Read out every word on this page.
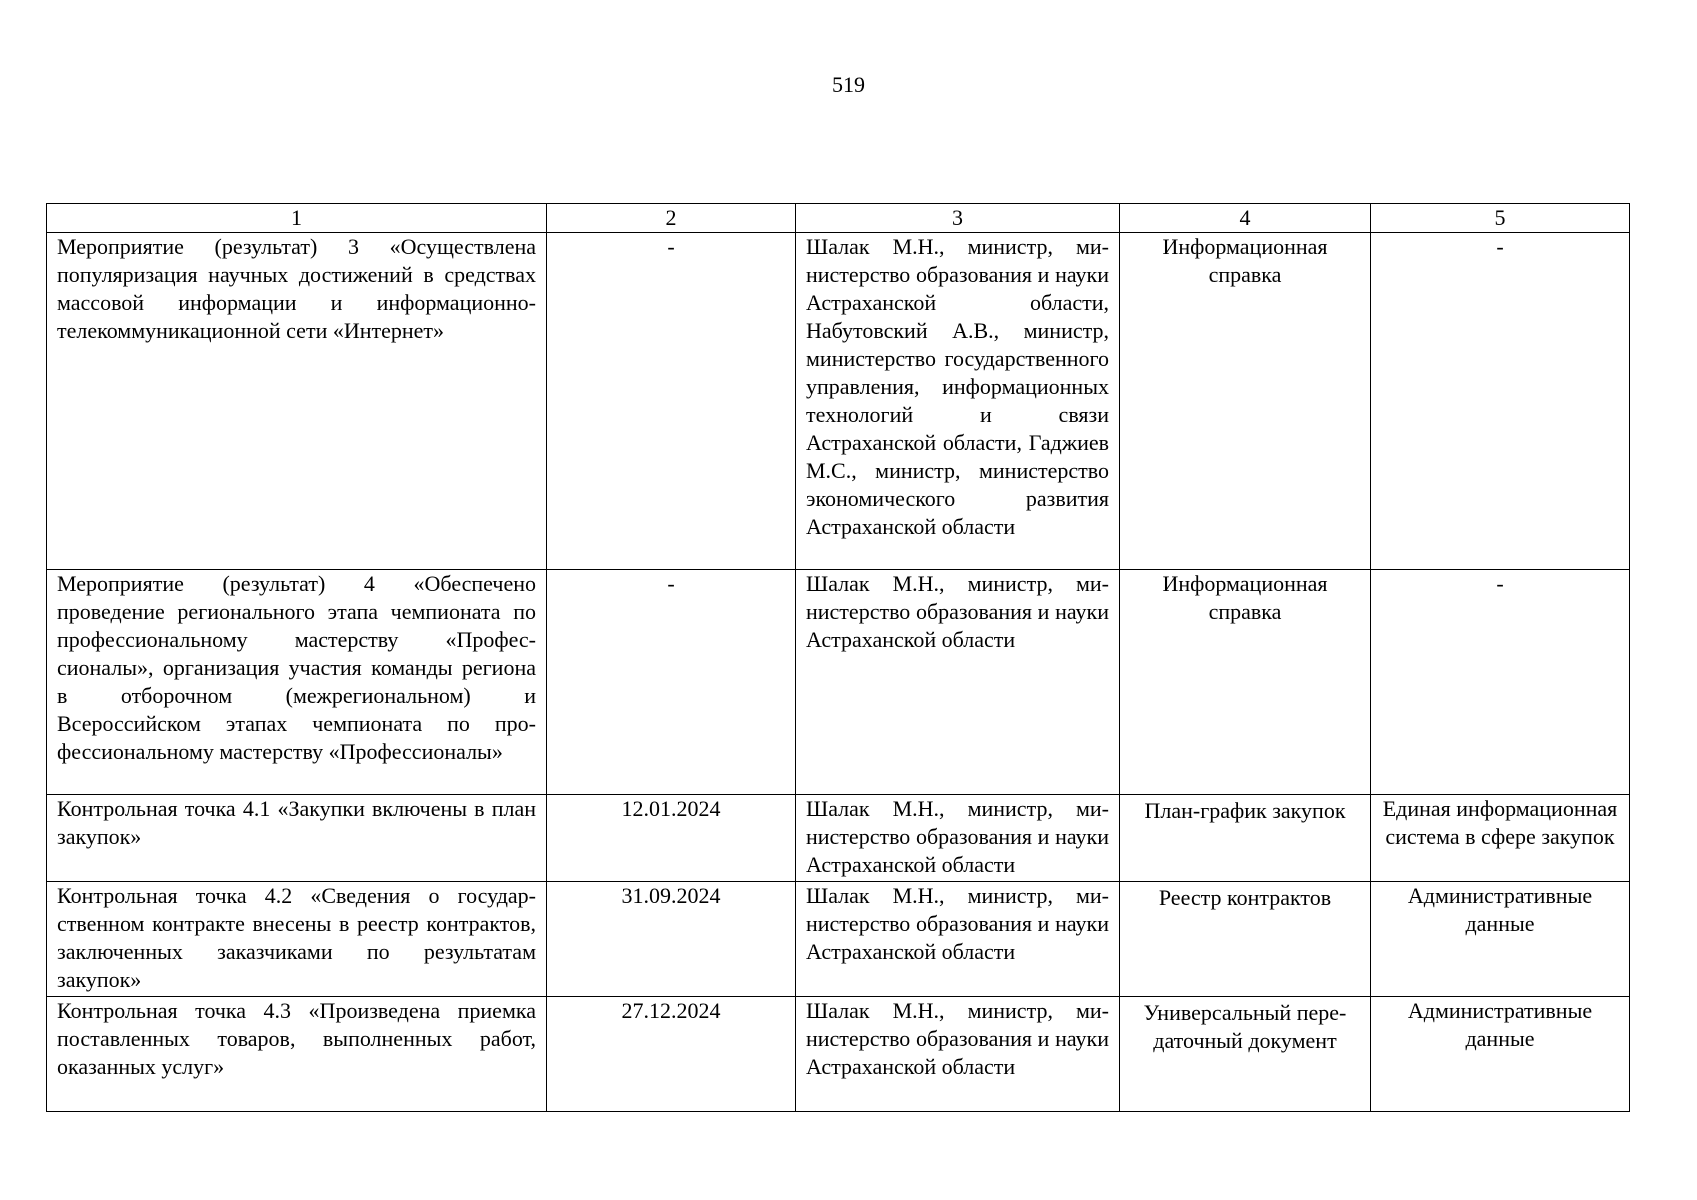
519
1	2	3	4	5
Мероприятие (результат) 3 «Осуществлена популяризация научных достижений в средствах массовой информации и информационно-телекоммуникационной сети «Интернет»	-	Шалак М.Н., министр, министерство образования и науки Астраханской области, Набутовский А.В., министр, министерство государственного управления, информационных технологий и связи Астраханской области, Гаджиев М.С., министр, министерство экономического развития Астраханской области	Информационная справка	-
Мероприятие (результат) 4 «Обеспечено проведение регионального этапа чемпионата по профессиональному мастерству «Профессионалы», организация участия команды региона в отборочном (межрегиональном) и Всероссийском этапах чемпионата по профессиональному мастерству «Профессионалы»	-	Шалак М.Н., министр, министерство образования и науки Астраханской области	Информационная справка	-
Контрольная точка 4.1 «Закупки включены в план закупок»	12.01.2024	Шалак М.Н., министр, министерство образования и науки Астраханской области	План-график закупок	Единая информационная система в сфере закупок
Контрольная точка 4.2 «Сведения о государственном контракте внесены в реестр контрактов, заключенных заказчиками по результатам закупок»	31.09.2024	Шалак М.Н., министр, министерство образования и науки Астраханской области	Реестр контрактов	Административные данные
Контрольная точка 4.3 «Произведена приемка поставленных товаров, выполненных работ, оказанных услуг»	27.12.2024	Шалак М.Н., министр, министерство образования и науки Астраханской области	Универсальный передаточный документ	Административные данные
